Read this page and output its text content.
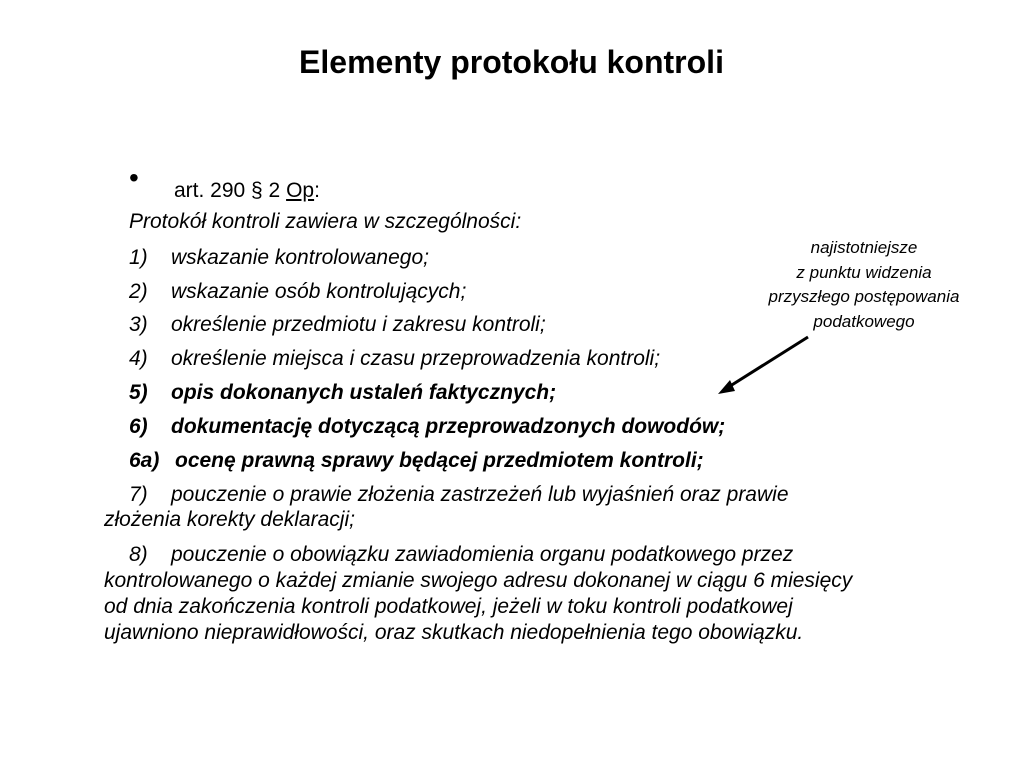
Elementy protokołu kontroli
• art. 290 § 2 Op:
Protokół kontroli zawiera w szczególności:
1) wskazanie kontrolowanego;
2) wskazanie osób kontrolujących;
3) określenie przedmiotu i zakresu kontroli;
4) określenie miejsca i czasu przeprowadzenia kontroli;
5) opis dokonanych ustaleń faktycznych;
6) dokumentację dotyczącą przeprowadzonych dowodów;
6a) ocenę prawną sprawy będącej przedmiotem kontroli;
7) pouczenie o prawie złożenia zastrzeżeń lub wyjaśnień oraz prawie
złożenia korekty deklaracji;
8) pouczenie o obowiązku zawiadomienia organu podatkowego przez
kontrolowanego o każdej zmianie swojego adresu dokonanej w ciągu 6 miesięcy
od dnia zakończenia kontroli podatkowej, jeżeli w toku kontroli podatkowej
ujawniono nieprawidłowości, oraz skutkach niedopełnienia tego obowiązku.
najistotniejsze
z punktu widzenia
przyszłego postępowania
podatkowego
